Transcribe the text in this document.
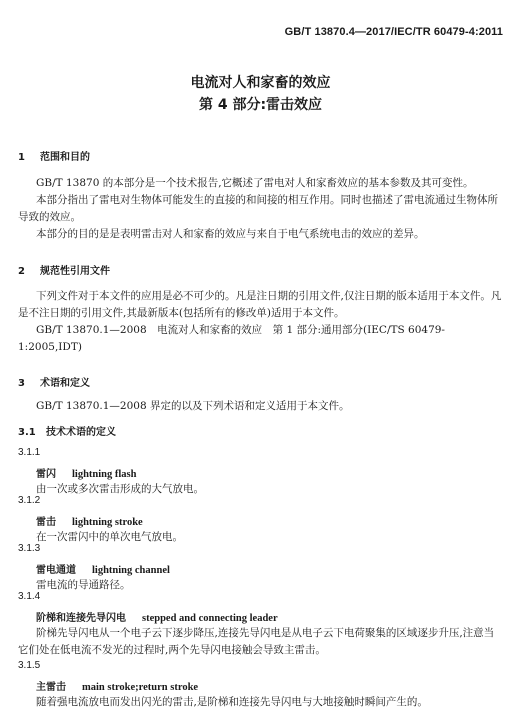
GB/T 13870.4—2017/IEC/TR 60479-4:2011
电流对人和家畜的效应
第 4 部分:雷击效应
1 范围和目的
GB/T 13870 的本部分是一个技术报告,它概述了雷电对人和家畜效应的基本参数及其可变性。
本部分指出了雷电对生物体可能发生的直接的和间接的相互作用。同时也描述了雷电流通过生物体所导致的效应。
本部分的目的是是表明雷击对人和家畜的效应与来自于电气系统电击的效应的差异。
2 规范性引用文件
下列文件对于本文件的应用是必不可少的。凡是注日期的引用文件,仅注日期的版本适用于本文件。凡是不注日期的引用文件,其最新版本(包括所有的修改单)适用于本文件。
GB/T 13870.1—2008　电流对人和家畜的效应　第 1 部分:通用部分(IEC/TS 60479-1:2005,IDT)
3 术语和定义
GB/T 13870.1—2008 界定的以及下列术语和定义适用于本文件。
3.1 技术术语的定义
3.1.1
雷闪 lightning flash
由一次或多次雷击形成的大气放电。
3.1.2
雷击 lightning stroke
在一次雷闪中的单次电气放电。
3.1.3
雷电通道 lightning channel
雷电流的导通路径。
3.1.4
阶梯和连接先导闪电 stepped and connecting leader
阶梯先导闪电从一个电子云下逐步降压,连接先导闪电是从电子云下电荷聚集的区域逐步升压,注意当它们处在低电流不发光的过程时,两个先导闪电接触会导致主雷击。
3.1.5
主雷击 main stroke;return stroke
随着强电流放电而发出闪光的雷击,是阶梯和连接先导闪电与大地接触时瞬间产生的。
